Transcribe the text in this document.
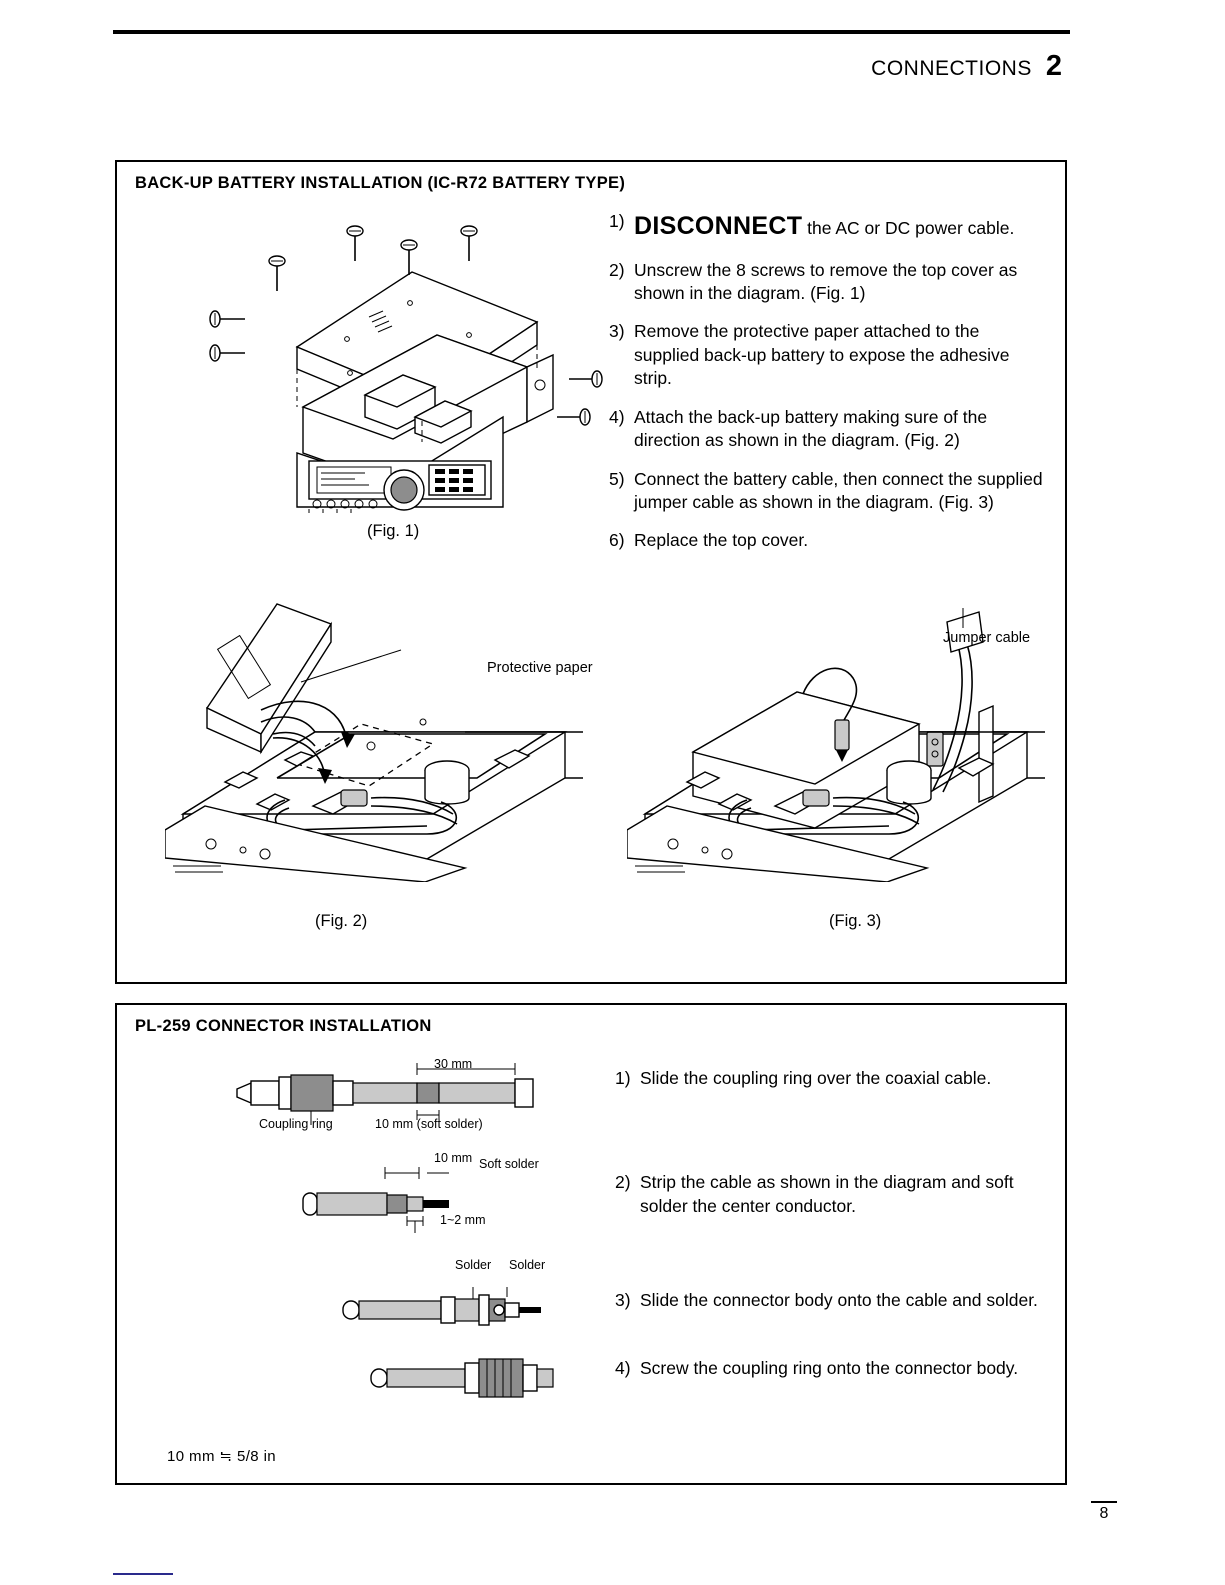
CONNECTIONS 2
BACK-UP BATTERY INSTALLATION (IC-R72 BATTERY TYPE)
1) DISCONNECT the AC or DC power cable.
2) Unscrew the 8 screws to remove the top cover as shown in the diagram. (Fig. 1)
3) Remove the protective paper attached to the supplied back-up battery to expose the adhesive strip.
4) Attach the back-up battery making sure of the direction as shown in the diagram. (Fig. 2)
5) Connect the battery cable, then connect the supplied jumper cable as shown in the diagram. (Fig. 3)
6) Replace the top cover.
(Fig. 1)
Protective paper
(Fig. 2)
Jumper cable
(Fig. 3)
PL-259 CONNECTOR INSTALLATION
30 mm
Coupling ring	10 mm (soft solder)
10 mm Soft solder
1~2 mm
Solder Solder
1) Slide the coupling ring over the coaxial cable.
2) Strip the cable as shown in the diagram and soft solder the center conductor.
3) Slide the connector body onto the cable and solder.
4) Screw the coupling ring onto the connector body.
10 mm ≒ 5/8 in
8
